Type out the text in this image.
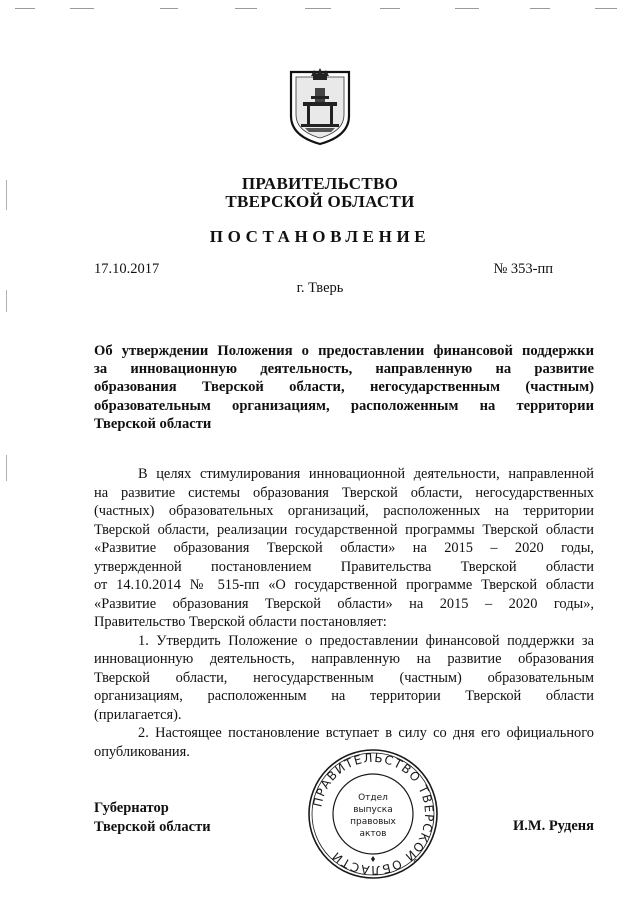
ПРАВИТЕЛЬСТВО
ТВЕРСКОЙ ОБЛАСТИ
ПОСТАНОВЛЕНИЕ
17.10.2017	№ 353-пп
г. Тверь
Об утверждении Положения о предоставлении финансовой поддержки
за инновационную деятельность, направленную на развитие
образования Тверской области, негосударственным (частным)
образовательным организациям, расположенным на территории
Тверской области
В целях стимулирования инновационной деятельности, направленной
на развитие системы образования Тверской области, негосударственных
(частных) образовательных организаций, расположенных на территории
Тверской области, реализации государственной программы Тверской области
«Развитие образования Тверской области» на 2015 – 2020 годы,
утвержденной постановлением Правительства Тверской области
от 14.10.2014 № 515-пп «О государственной программе Тверской области
«Развитие образования Тверской области» на 2015 – 2020 годы»,
Правительство Тверской области постановляет:
1. Утвердить Положение о предоставлении финансовой поддержки за
инновационную деятельность, направленную на развитие образования
Тверской области, негосударственным (частным) образовательным
организациям, расположенным на территории Тверской области
(прилагается).
2. Настоящее постановление вступает в силу со дня его официального
опубликования.
ПРАВИТЕЛЬСТВО ТВЕРСКОЙ ОБЛАСТИ
Отдел
выпуска
правовых
актов
Губернатор
Тверской области	И.М. Руденя
